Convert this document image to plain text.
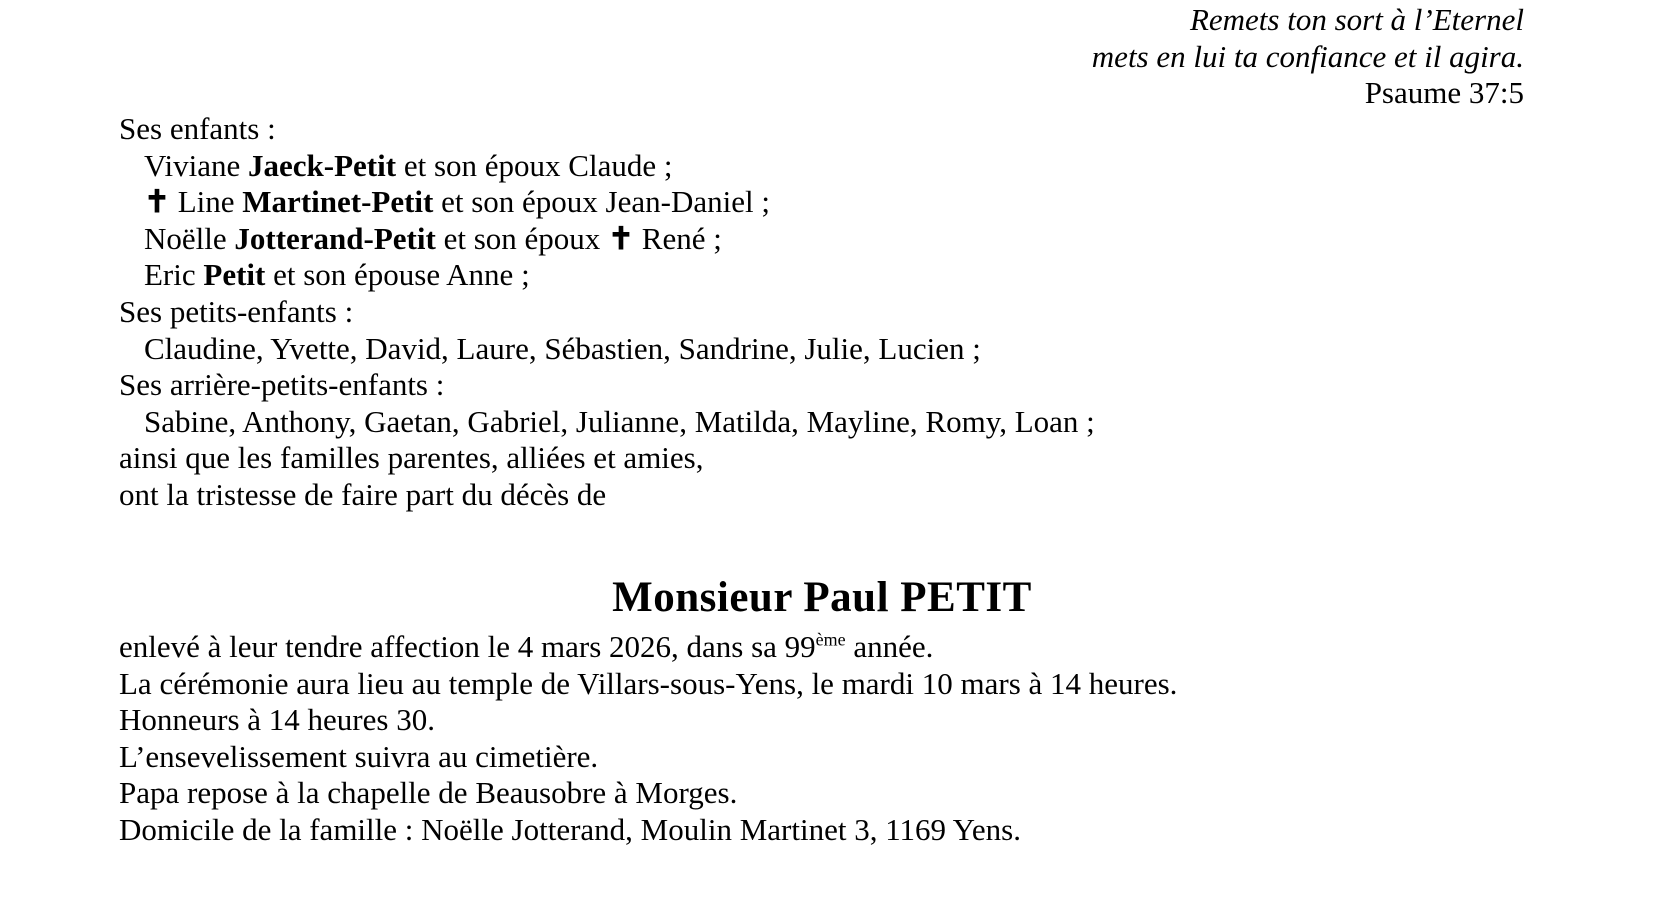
Remets ton sort à l’Eternel
mets en lui ta confiance et il agira.
Psaume 37:5
Ses enfants :
Viviane Jaeck-Petit et son époux Claude ;
✝ Line Martinet-Petit et son époux Jean-Daniel ;
Noëlle Jotterand-Petit et son époux ✝ René ;
Eric Petit et son épouse Anne ;
Ses petits-enfants :
Claudine, Yvette, David, Laure, Sébastien, Sandrine, Julie, Lucien ;
Ses arrière-petits-enfants :
Sabine, Anthony, Gaetan, Gabriel, Julianne, Matilda, Mayline, Romy, Loan ;
ainsi que les familles parentes, alliées et amies,
ont la tristesse de faire part du décès de
Monsieur Paul PETIT
enlevé à leur tendre affection le 4 mars 2026, dans sa 99ème année.
La cérémonie aura lieu au temple de Villars-sous-Yens, le mardi 10 mars à 14 heures.
Honneurs à 14 heures 30.
L’ensevelissement suivra au cimetière.
Papa repose à la chapelle de Beausobre à Morges.
Domicile de la famille : Noëlle Jotterand, Moulin Martinet 3, 1169 Yens.
